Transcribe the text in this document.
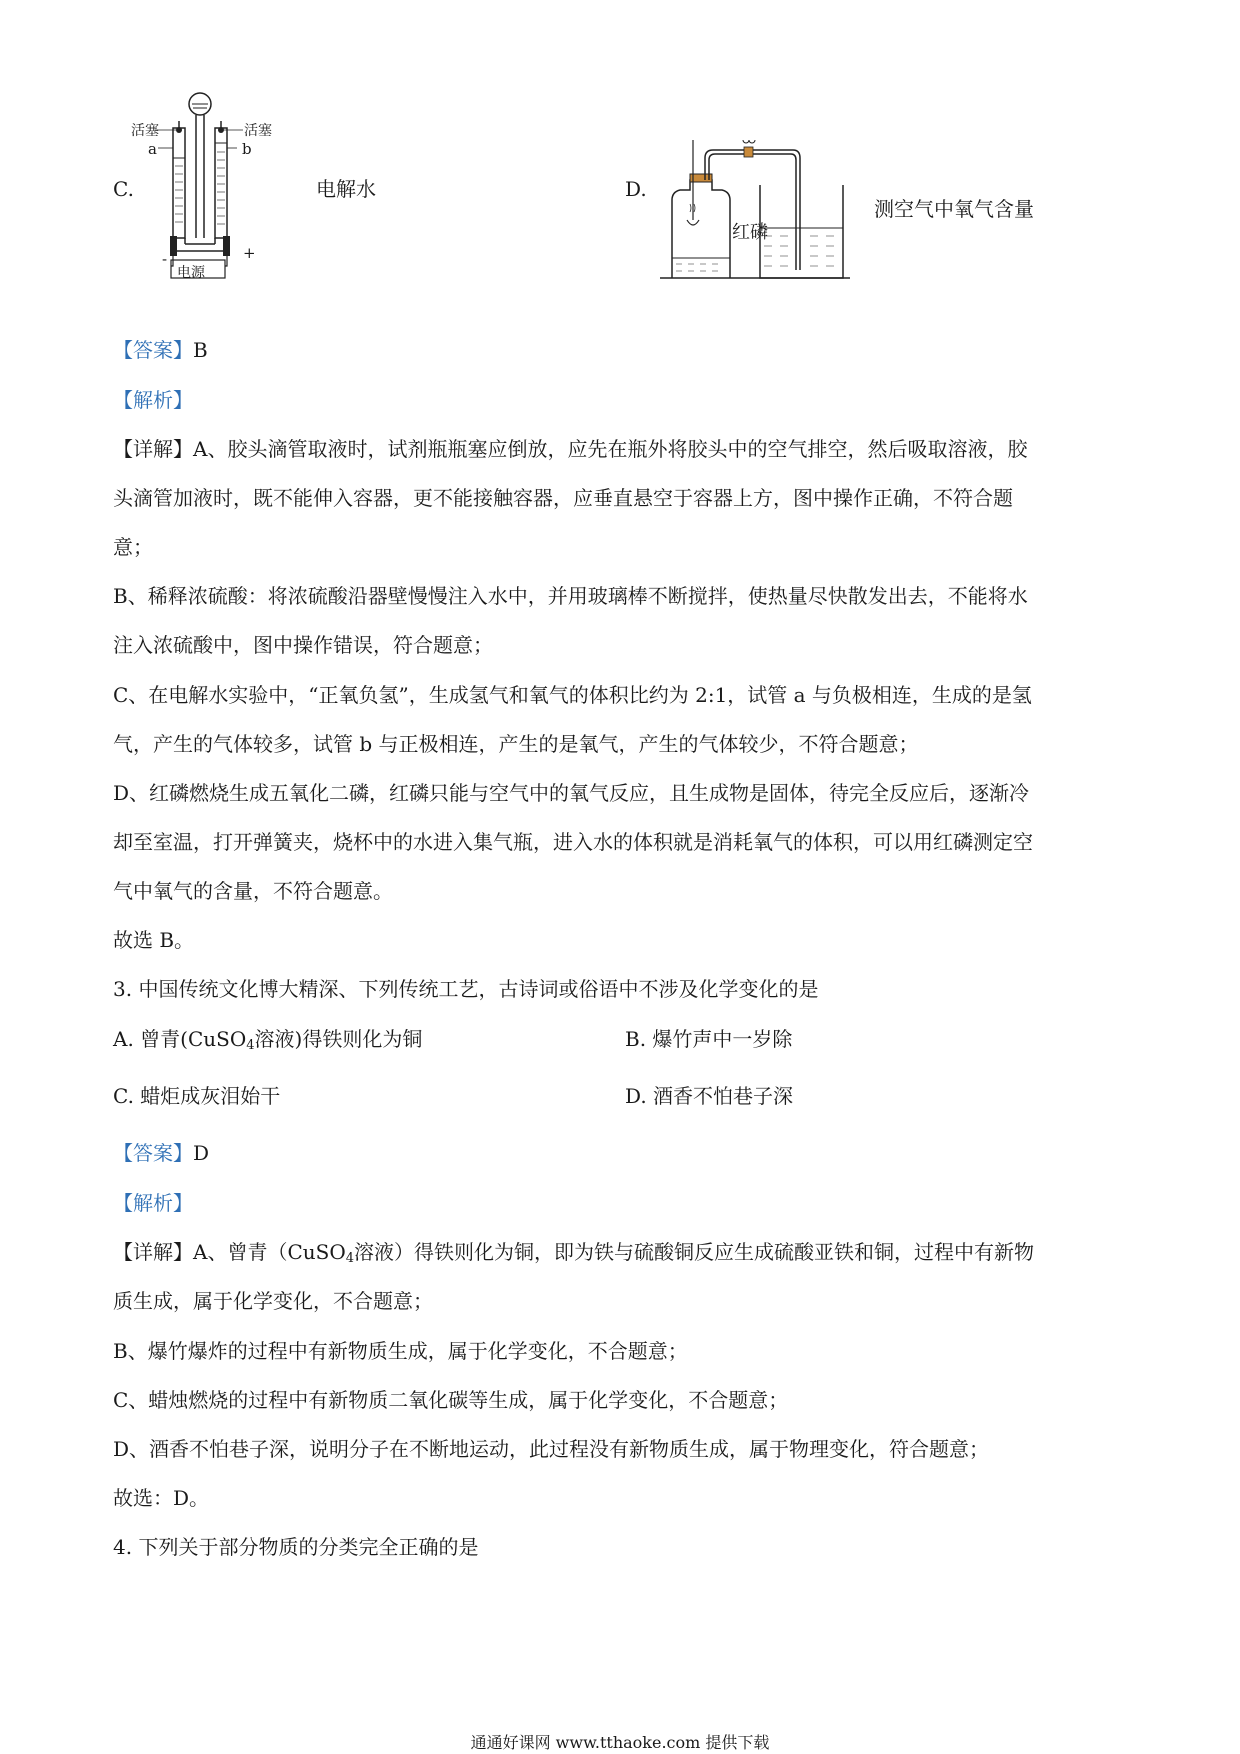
C.
活塞	活塞
a	b
-	+
电源
电解水	D.
红磷
测空气中氧气含量
【答案】B
【解析】
【详解】A、胶头滴管取液时，试剂瓶瓶塞应倒放，应先在瓶外将胶头中的空气排空，然后吸取溶液，胶
头滴管加液时，既不能伸入容器，更不能接触容器，应垂直悬空于容器上方，图中操作正确，不符合题
意；
B、稀释浓硫酸：将浓硫酸沿器壁慢慢注入水中，并用玻璃棒不断搅拌，使热量尽快散发出去，不能将水
注入浓硫酸中，图中操作错误，符合题意；
C、在电解水实验中，“正氧负氢”，生成氢气和氧气的体积比约为 2:1，试管 a 与负极相连，生成的是氢
气，产生的气体较多，试管 b 与正极相连，产生的是氧气，产生的气体较少，不符合题意；
D、红磷燃烧生成五氧化二磷，红磷只能与空气中的氧气反应，且生成物是固体，待完全反应后，逐渐冷
却至室温，打开弹簧夹，烧杯中的水进入集气瓶，进入水的体积就是消耗氧气的体积，可以用红磷测定空
气中氧气的含量，不符合题意。
故选 B。
3. 中国传统文化博大精深、下列传统工艺，古诗词或俗语中不涉及化学变化的是
A. 曾青(CuSO$_4$溶液)得铁则化为铜	B. 爆竹声中一岁除
C. 蜡炬成灰泪始干	D. 酒香不怕巷子深
【答案】D
【解析】
【详解】A、曾青（CuSO$_4$溶液）得铁则化为铜，即为铁与硫酸铜反应生成硫酸亚铁和铜，过程中有新物
质生成，属于化学变化，不合题意；
B、爆竹爆炸的过程中有新物质生成，属于化学变化，不合题意；
C、蜡烛燃烧的过程中有新物质二氧化碳等生成，属于化学变化，不合题意；
D、酒香不怕巷子深，说明分子在不断地运动，此过程没有新物质生成，属于物理变化，符合题意；
故选：D。
4. 下列关于部分物质的分类完全正确的是
通通好课网 www.tthaoke.com 提供下载
